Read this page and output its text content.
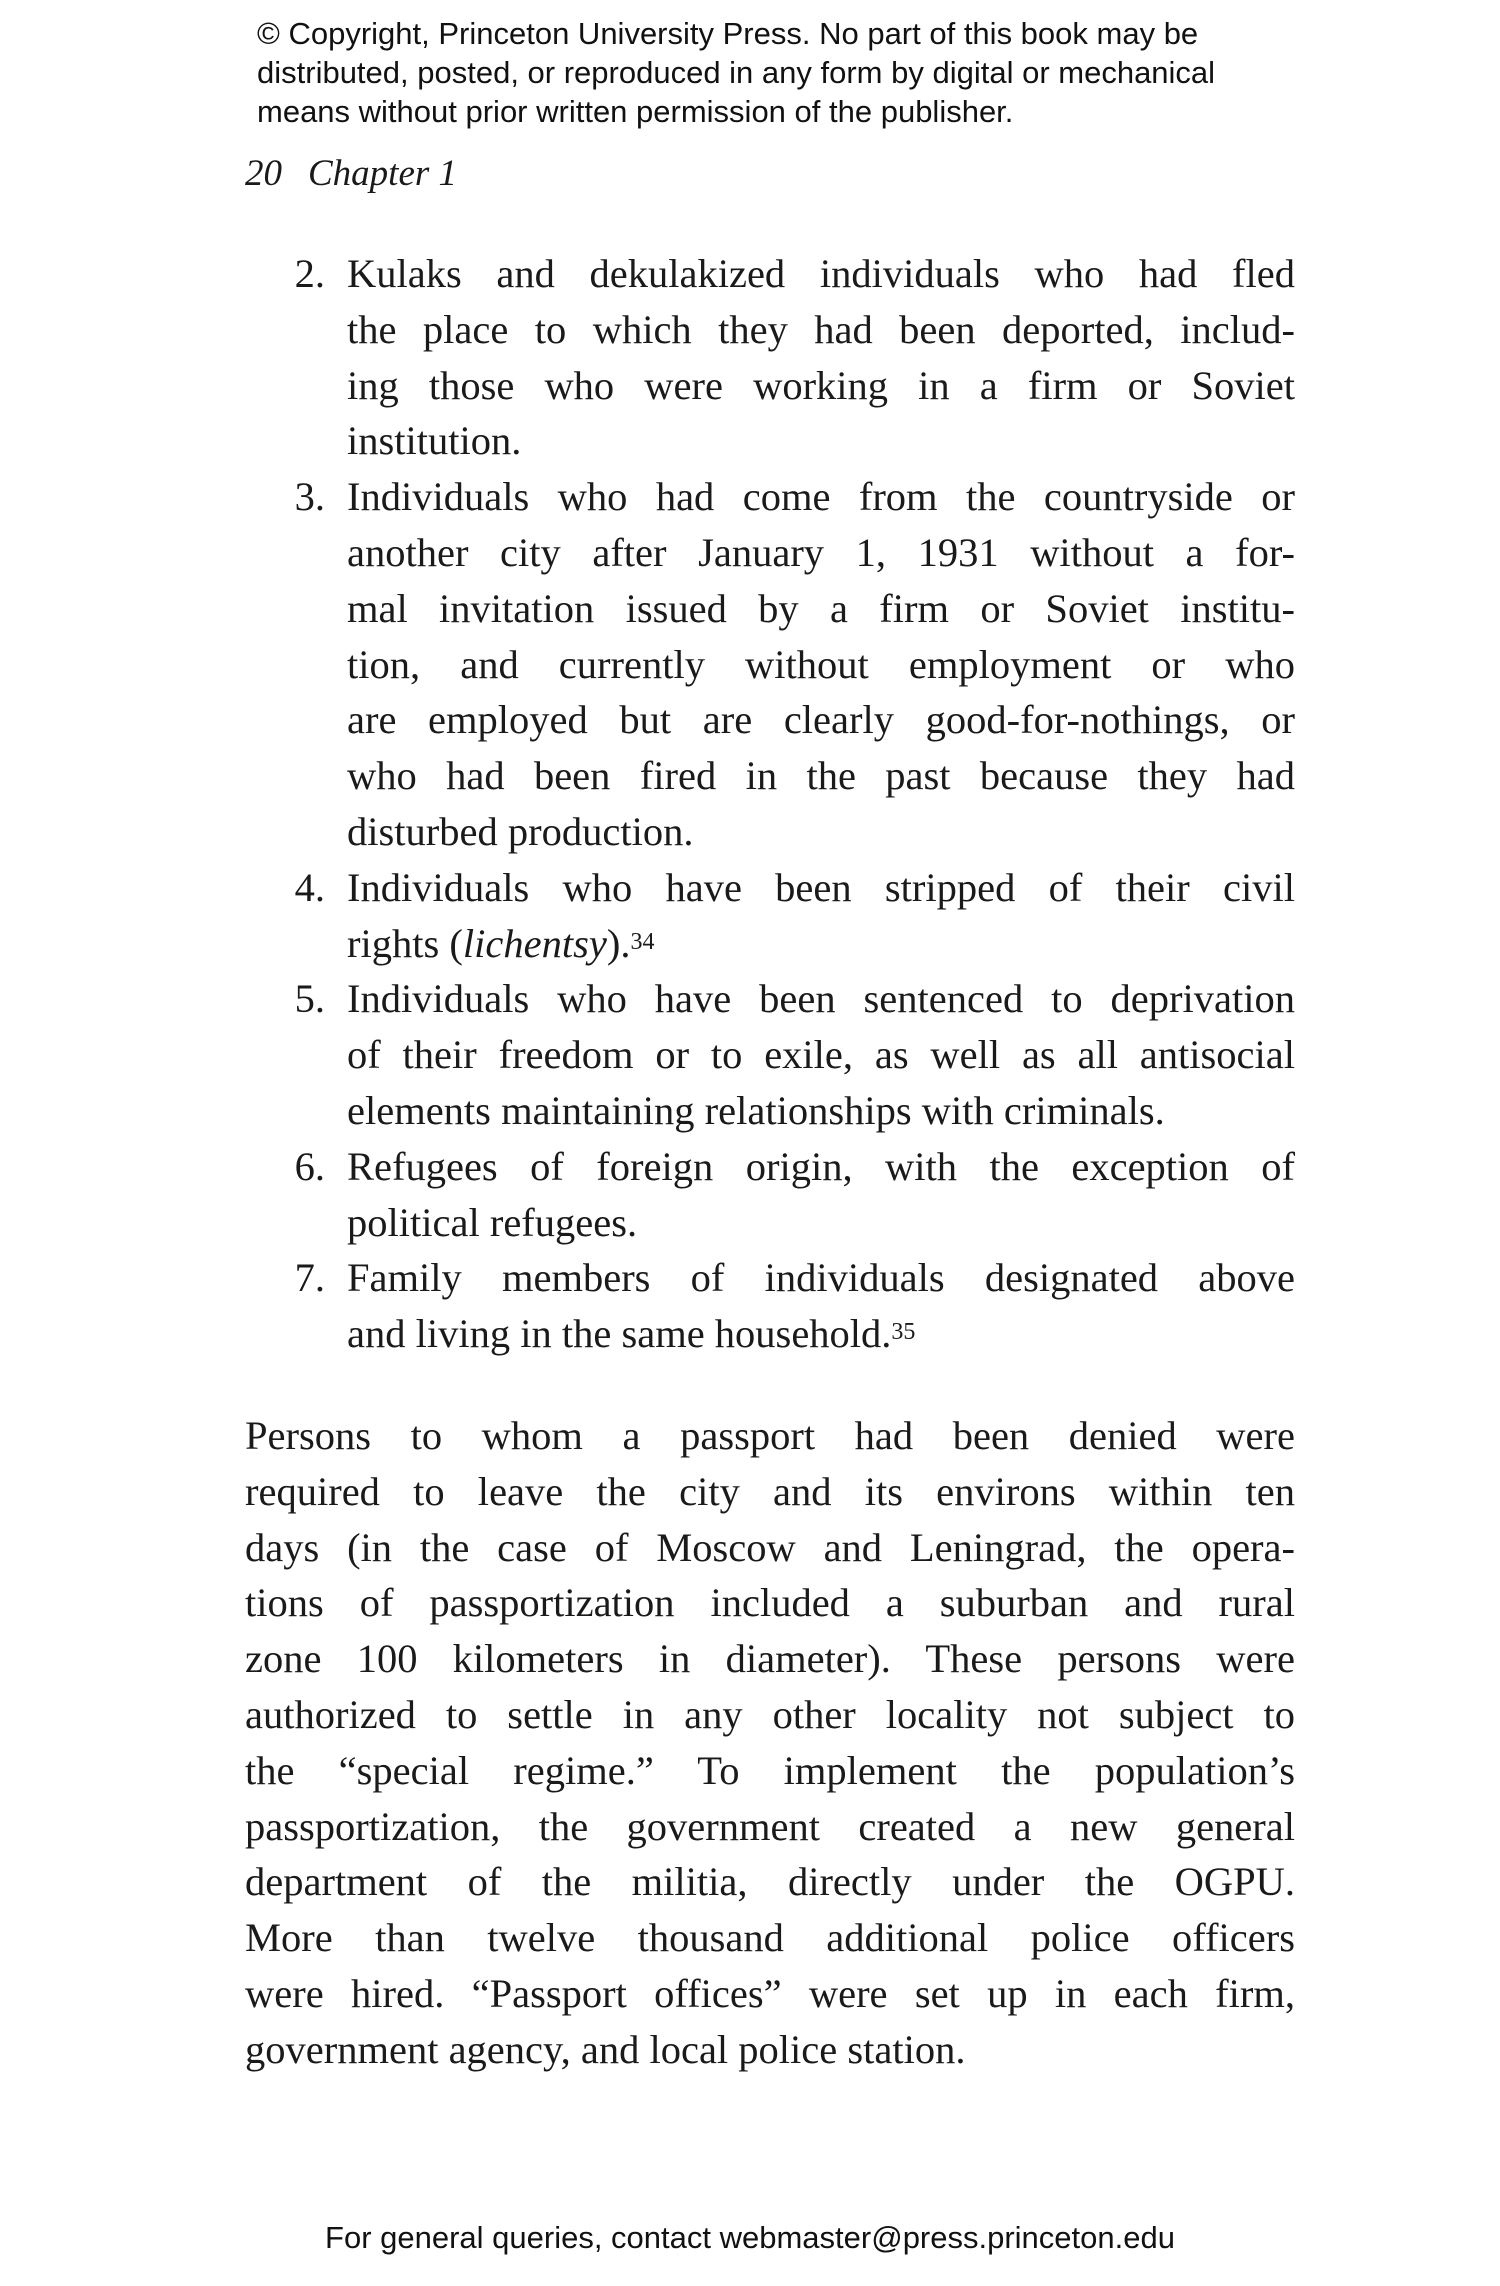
© Copyright, Princeton University Press. No part of this book may be
distributed, posted, or reproduced in any form by digital or mechanical
means without prior written permission of the publisher.
20 Chapter 1
2. Kulaks and dekulakized individuals who had fled
the place to which they had been deported, includ-
ing those who were working in a firm or Soviet
institution.
3. Individuals who had come from the countryside or
another city after January 1, 1931 without a for-
mal invitation issued by a firm or Soviet institu-
tion, and currently without employment or who
are employed but are clearly good-for-nothings, or
who had been fired in the past because they had
disturbed production.
4. Individuals who have been stripped of their civil
rights (lichentsy).$^{34}$
5. Individuals who have been sentenced to deprivation
of their freedom or to exile, as well as all antisocial
elements maintaining relationships with criminals.
6. Refugees of foreign origin, with the exception of
political refugees.
7. Family members of individuals designated above
and living in the same household.$^{35}$

Persons to whom a passport had been denied were
required to leave the city and its environs within ten
days (in the case of Moscow and Leningrad, the opera-
tions of passportization included a suburban and rural
zone 100 kilometers in diameter). These persons were
authorized to settle in any other locality not subject to
the “special regime.” To implement the population’s
passportization, the government created a new general
department of the militia, directly under the OGPU.
More than twelve thousand additional police officers
were hired. “Passport offices” were set up in each firm,
government agency, and local police station.

For general queries, contact webmaster@press.princeton.edu
